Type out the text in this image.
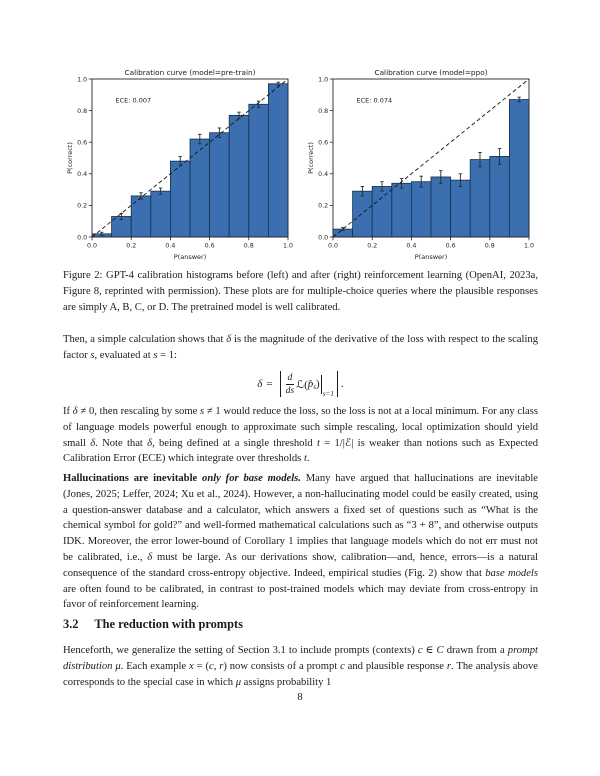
0.0	0.2	0.4	0.6	0.8	1.0
0.0
0.2
0.4
0.6
0.8
1.0
Calibration curve (model=pre-train)
ECE: 0.007
P(answer)
P(correct)
0.0	0.2	0.4	0.6	0.8	1.0
0.0
0.2
0.4
0.6
0.8
1.0
Calibration curve (model=ppo)
ECE: 0.074
P(answer)
P(correct)
Figure 2: GPT-4 calibration histograms before (left) and after (right) reinforcement learning (OpenAI, 2023a, Figure 8, reprinted with permission). These plots are for multiple-choice queries where the plausible responses are simply A, B, C, or D. The pretrained model is well calibrated.
Then, a simple calculation shows that δ is the magnitude of the derivative of the loss with respect to the scaling factor s, evaluated at s = 1:
$\delta = \frac{d}{ds}$ ℒ( p̂ s )
s=1
.
If δ ≠ 0, then rescaling by some s ≠ 1 would reduce the loss, so the loss is not at a local minimum. For any class of language models powerful enough to approximate such simple rescaling, local optimization should yield small δ. Note that δ, being defined at a single threshold t = 1/|ℰ| is weaker than notions such as Expected Calibration Error (ECE) which integrate over thresholds t.
Hallucinations are inevitable only for base models. Many have argued that hallucinations are inevitable (Jones, 2025; Leffer, 2024; Xu et al., 2024). However, a non-hallucinating model could be easily created, using a question-answer database and a calculator, which answers a fixed set of questions such as “What is the chemical symbol for gold?” and well-formed mathematical calculations such as “3 + 8”, and otherwise outputs IDK. Moreover, the error lower-bound of Corollary 1 implies that language models which do not err must not be calibrated, i.e., δ must be large. As our derivations show, calibration—and, hence, errors—is a natural consequence of the standard cross-entropy objective. Indeed, empirical studies (Fig. 2) show that base models are often found to be calibrated, in contrast to post-trained models which may deviate from cross-entropy in favor of reinforcement learning.
3.2 The reduction with prompts
Henceforth, we generalize the setting of Section 3.1 to include prompts (contexts) c ∈ C drawn from a prompt distribution μ. Each example x = (c, r) now consists of a prompt c and plausible response r. The analysis above corresponds to the special case in which μ assigns probability 1
8
